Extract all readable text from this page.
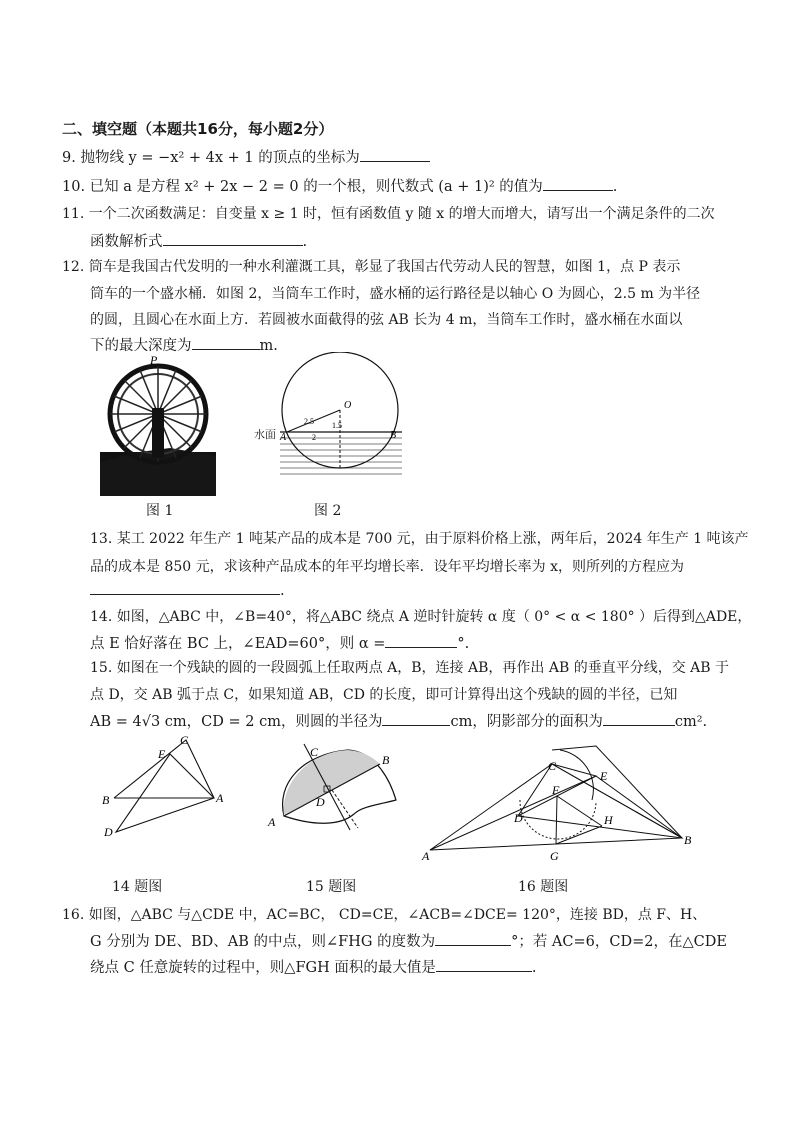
二、填空题（本题共16分，每小题2分）
9. 抛物线 y = −x² + 4x + 1 的顶点的坐标为
10. 已知 a 是方程 x² + 2x − 2 = 0 的一个根，则代数式 (a + 1)² 的值为	.
11. 一个二次函数满足：自变量 x ≥ 1 时，恒有函数值 y 随 x 的增大而增大，请写出一个满足条件的二次
函数解析式	.
12. 筒车是我国古代发明的一种水利灌溉工具，彰显了我国古代劳动人民的智慧，如图 1，点 P 表示
筒车的一个盛水桶．如图 2，当筒车工作时，盛水桶的运行路径是以轴心 O 为圆心，2.5 m 为半径
的圆，且圆心在水面上方．若圆被水面截得的弦 AB 长为 4 m，当筒车工作时，盛水桶在水面以
下的最大深度为	m.
P
图 1
O
A	B
2.5 1.5
2
水面
图 2
13. 某工 2022 年生产 1 吨某产品的成本是 700 元，由于原料价格上涨，两年后，2024 年生产 1 吨该产
品的成本是 850 元，求该种产品成本的年平均增长率．设年平均增长率为 x，则所列的方程应为
.
14. 如图，△ABC 中，∠B=40°，将△ABC 绕点 A 逆时针旋转 α 度（ 0° < α < 180° ）后得到△ADE，
点 E 恰好落在 BC 上，∠EAD=60°，则 α =	°.
15. 如图在一个残缺的圆的一段圆弧上任取两点 A，B，连接 AB，再作出 AB 的垂直平分线，交 AB 于
点 D，交 AB 弧于点 C，如果知道 AB，CD 的长度，即可计算得出这个残缺的圆的半径，已知
AB = 4√3 cm，CD = 2 cm，则圆的半径为	cm，阴影部分的面积为	cm².
C
E
B	A
D
14 题图
C
B
D
A
15 题图
C
E
F
D	H
A	G
B
16 题图
16. 如图，△ABC 与△CDE 中，AC=BC， CD=CE，∠ACB=∠DCE= 120°，连接 BD，点 F、H、
G 分别为 DE、BD、AB 的中点，则∠FHG 的度数为	°；若 AC=6，CD=2，在△CDE
绕点 C 任意旋转的过程中，则△FGH 面积的最大值是	.
